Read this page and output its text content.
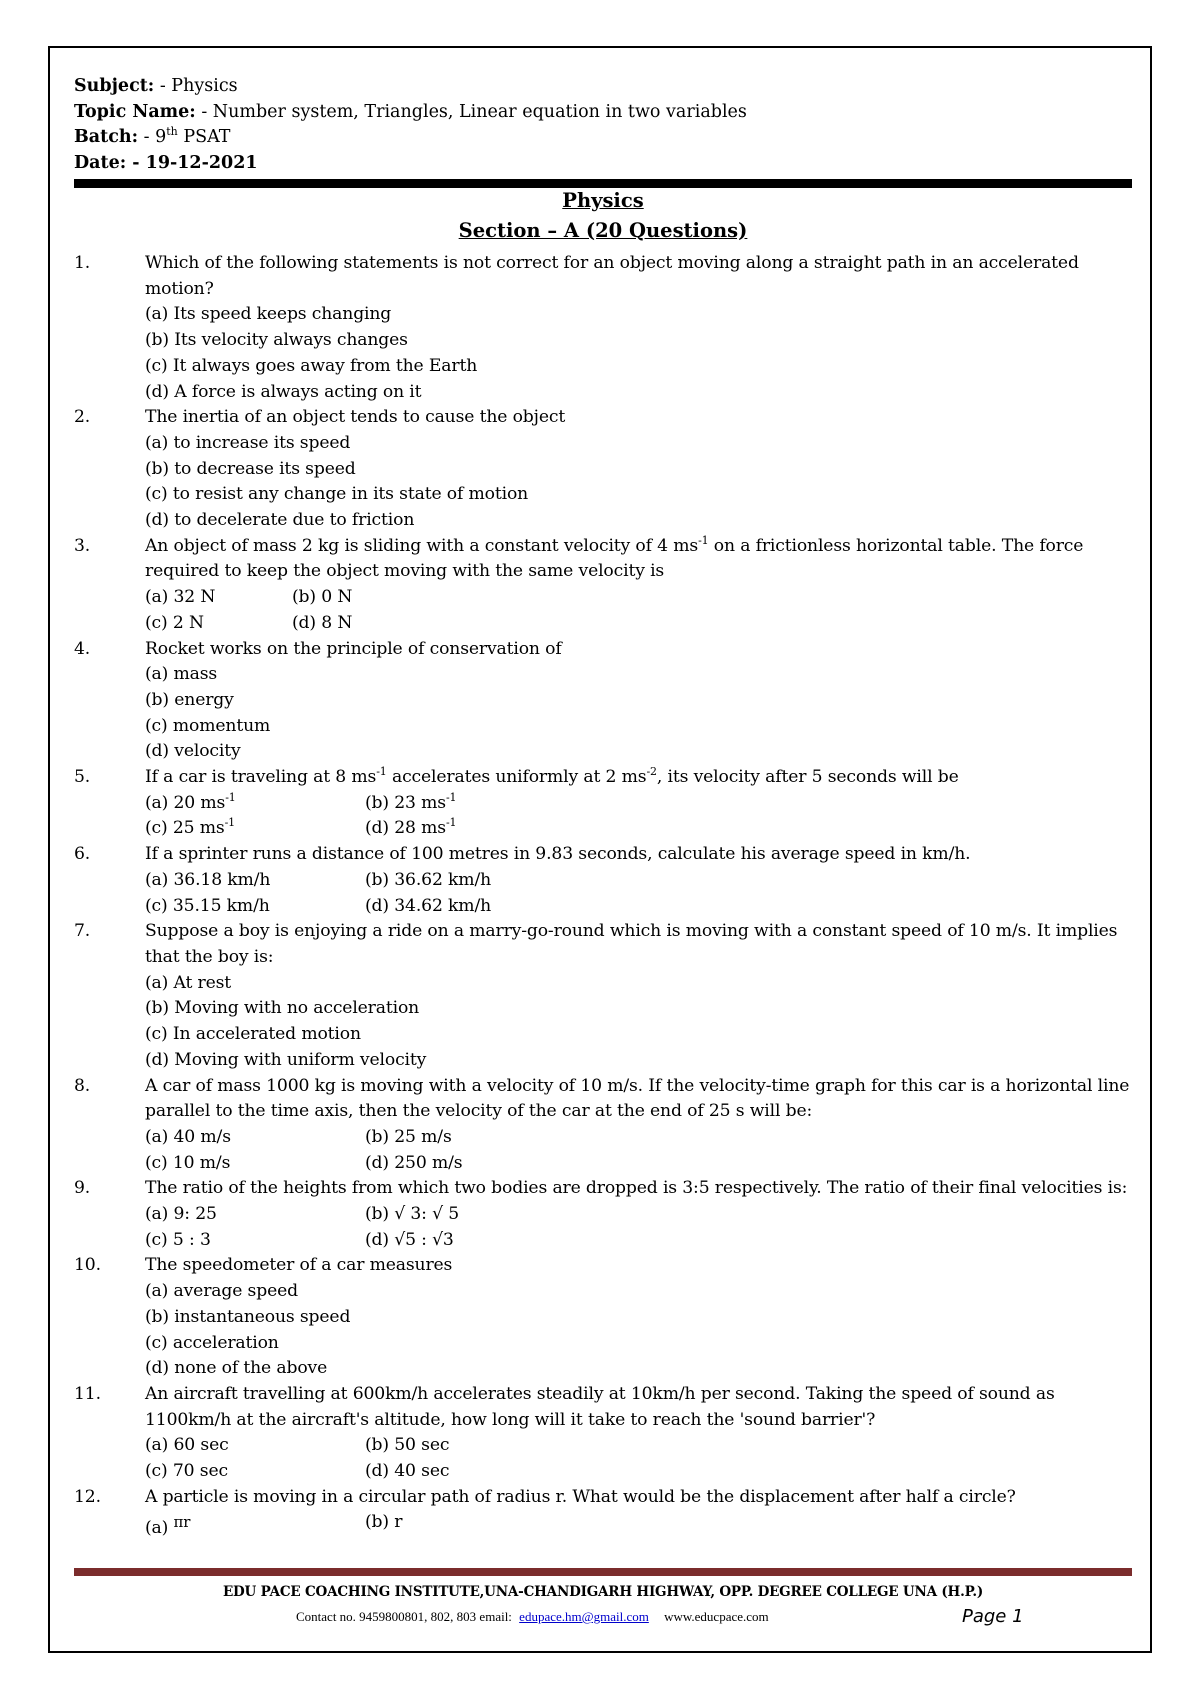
Subject: - Physics
Topic Name: - Number system, Triangles, Linear equation in two variables
Batch: - 9th PSAT
Date: - 19-12-2021
Physics
Section – A (20 Questions)
1.	Which of the following statements is not correct for an object moving along a straight path in an accelerated motion?
(a) Its speed keeps changing
(b) Its velocity always changes
(c) It always goes away from the Earth
(d) A force is always acting on it
2.	The inertia of an object tends to cause the object
(a) to increase its speed
(b) to decrease its speed
(c) to resist any change in its state of motion
(d) to decelerate due to friction
3.	An object of mass 2 kg is sliding with a constant velocity of 4 $ms^{-1}$ on a frictionless horizontal table. The force required to keep the object moving with the same velocity is
(a) 32 N	(b) 0 N
(c) 2 N	(d) 8 N
4.	Rocket works on the principle of conservation of
(a) mass
(b) energy
(c) momentum
(d) velocity
5.	If a car is traveling at 8 $ms^{-1}$ accelerates uniformly at 2 $ms^{-2}$, its velocity after 5 seconds will be
(a) 20 $ms^{-1}$	(b) 23 $ms^{-1}$
(c) 25 $ms^{-1}$	(d) 28 $ms^{-1}$
6.	If a sprinter runs a distance of 100 metres in 9.83 seconds, calculate his average speed in km/h.
(a) 36.18 km/h	(b) 36.62 km/h
(c) 35.15 km/h	(d) 34.62 km/h
7.	Suppose a boy is enjoying a ride on a marry-go-round which is moving with a constant speed of 10 m/s. It implies that the boy is:
(a) At rest
(b) Moving with no acceleration
(c) In accelerated motion
(d) Moving with uniform velocity
8.	A car of mass 1000 kg is moving with a velocity of 10 m/s. If the velocity-time graph for this car is a horizontal line parallel to the time axis, then the velocity of the car at the end of 25 s will be:
(a) 40 m/s	(b) 25 m/s
(c) 10 m/s	(d) 250 m/s
9.	The ratio of the heights from which two bodies are dropped is 3:5 respectively. The ratio of their final velocities is:
(a) 9: 25	(b) √ 3: √ 5
(c) 5 : 3	(d) √5 : √3
10.	The speedometer of a car measures
(a) average speed
(b) instantaneous speed
(c) acceleration
(d) none of the above
11.	An aircraft travelling at 600km/h accelerates steadily at 10km/h per second. Taking the speed of sound as 1100km/h at the aircraft's altitude, how long will it take to reach the 'sound barrier'?
(a) 60 sec	(b) 50 sec
(c) 70 sec	(d) 40 sec
12.	A particle is moving in a circular path of radius r. What would be the displacement after half a circle?
(a) πr	(b) r
EDU PACE COACHING INSTITUTE,UNA-CHANDIGARH HIGHWAY, OPP. DEGREE COLLEGE UNA (H.P.)
Contact no. 9459800801, 802, 803 email: edupace.hm@gmail.com www.educpace.com	Page 1
